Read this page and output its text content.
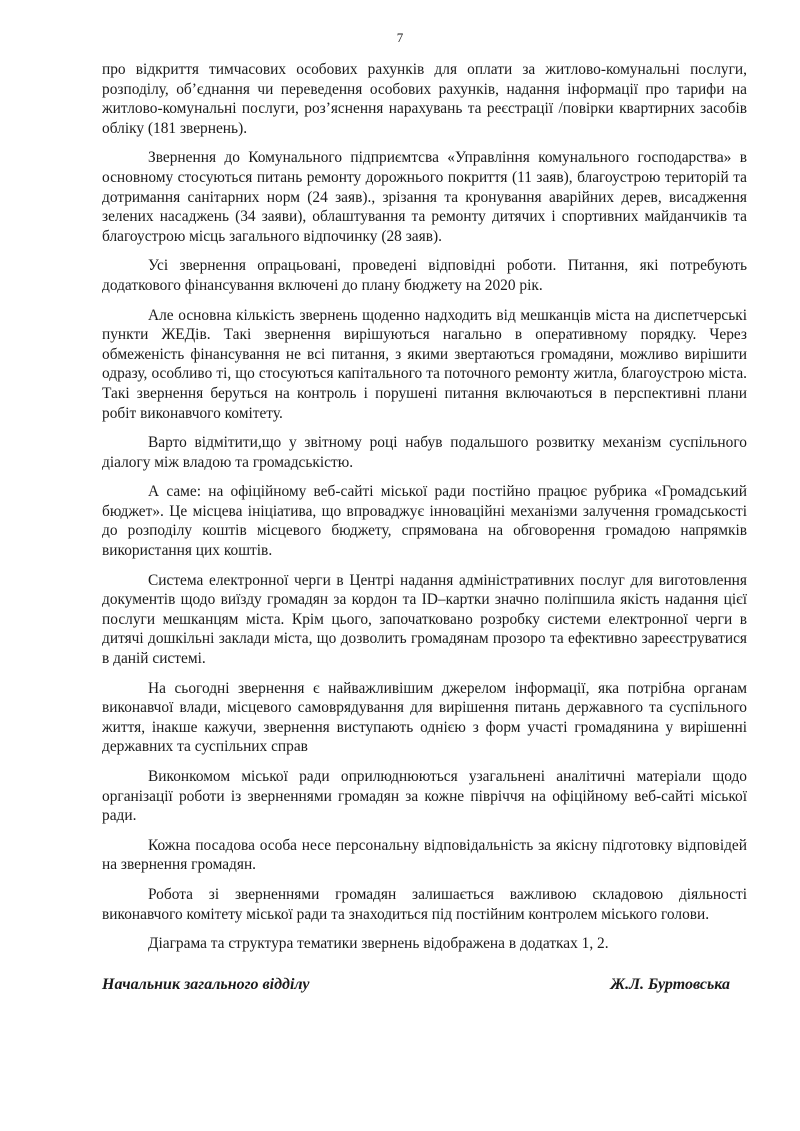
7

про відкриття тимчасових особових рахунків для оплати за житлово-комунальні послуги, розподілу, об’єднання чи переведення особових рахунків, надання інформації про тарифи на житлово-комунальні послуги, роз’яснення нарахувань та реєстрації /повірки квартирних засобів обліку (181 звернень).

Звернення до Комунального підприємтсва «Управління комунального господарства» в основному стосуються питань ремонту дорожнього покриття (11 заяв), благоустрою територій та дотримання санітарних норм (24 заяв)., зрізання та кронування аварійних дерев, висадження зелених насаджень (34 заяви), облаштування та ремонту дитячих і спортивних майданчиків та благоустрою місць загального відпочинку (28 заяв).

Усі звернення опрацьовані, проведені відповідні роботи. Питання, які потребують додаткового фінансування включені до плану бюджету на 2020 рік.

Але основна кількість звернень щоденно надходить від мешканців міста на диспетчерські пункти ЖЕДів. Такі звернення вирішуються нагально в оперативному порядку. Через обмеженість фінансування не всі питання, з якими звертаються громадяни, можливо вирішити одразу, особливо ті, що стосуються капітального та поточного ремонту житла, благоустрою міста. Такі звернення беруться на контроль і порушені питання включаються в перспективні плани робіт виконавчого комітету.

Варто відмітити,що у звітному році набув подальшого розвитку механізм суспільного діалогу між владою та громадськістю.

А саме: на офіційному веб-сайті міської ради постійно працює рубрика «Громадський бюджет». Це місцева ініціатива, що впроваджує інноваційні механізми залучення громадськості до розподілу коштів місцевого бюджету, спрямована на обговорення громадою напрямків використання цих коштів.

Система електронної черги в Центрі надання адміністративних послуг для виготовлення документів щодо виїзду громадян за кордон та ID–картки значно поліпшила якість надання цієї послуги мешканцям міста. Крім цього, започатковано розробку системи електронної черги в дитячі дошкільні заклади міста, що дозволить громадянам прозоро та ефективно зареєструватися в даній системі.

На сьогодні звернення є найважливішим джерелом інформації, яка потрібна органам виконавчої влади, місцевого самоврядування для вирішення питань державного та суспільного життя, інакше кажучи, звернення виступають однією з форм участі громадянина у вирішенні державних та суспільних справ

Виконкомом міської ради оприлюднюються узагальнені аналітичні матеріали щодо організації роботи із зверненнями громадян за кожне півріччя на офіційному веб-сайті міської ради.

Кожна посадова особа несе персональну відповідальність за якісну підготовку відповідей на звернення громадян.

Робота зі зверненнями громадян залишається важливою складовою діяльності виконавчого комітету міської ради та знаходиться під постійним контролем міського голови.

Діаграма та структура тематики звернень відображена в додатках 1, 2.

Начальник загального відділу	Ж.Л. Буртовська
